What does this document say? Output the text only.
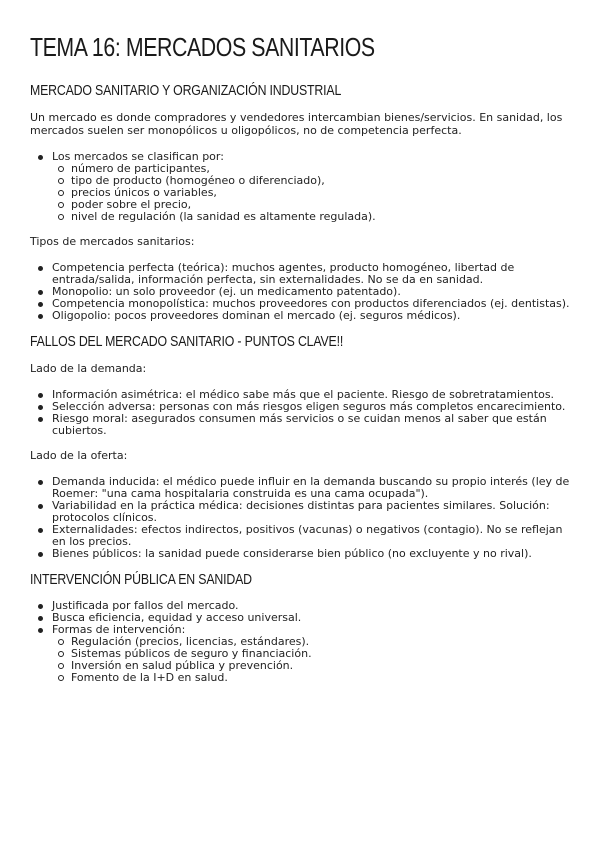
TEMA 16: MERCADOS SANITARIOS
MERCADO SANITARIO Y ORGANIZACIÓN INDUSTRIAL

Un mercado es donde compradores y vendedores intercambian bienes/servicios. En sanidad, los mercados suelen ser monopólicos u oligopólicos, no de competencia perfecta.

Los mercados se clasifican por:
número de participantes,
tipo de producto (homogéneo o diferenciado),
precios únicos o variables,
poder sobre el precio,
nivel de regulación (la sanidad es altamente regulada).

Tipos de mercados sanitarios:

Competencia perfecta (teórica): muchos agentes, producto homogéneo, libertad de entrada/salida, información perfecta, sin externalidades. No se da en sanidad.
Monopolio: un solo proveedor (ej. un medicamento patentado).
Competencia monopolística: muchos proveedores con productos diferenciados (ej. dentistas).
Oligopolio: pocos proveedores dominan el mercado (ej. seguros médicos).
FALLOS DEL MERCADO SANITARIO - PUNTOS CLAVE!!

Lado de la demanda:

Información asimétrica: el médico sabe más que el paciente. Riesgo de sobretratamientos.
Selección adversa: personas con más riesgos eligen seguros más completos encarecimiento.
Riesgo moral: asegurados consumen más servicios o se cuidan menos al saber que están cubiertos.

Lado de la oferta:

Demanda inducida: el médico puede influir en la demanda buscando su propio interés (ley de Roemer: "una cama hospitalaria construida es una cama ocupada").
Variabilidad en la práctica médica: decisiones distintas para pacientes similares. Solución: protocolos clínicos.
Externalidades: efectos indirectos, positivos (vacunas) o negativos (contagio). No se reflejan en los precios.
Bienes públicos: la sanidad puede considerarse bien público (no excluyente y no rival).
INTERVENCIÓN PÚBLICA EN SANIDAD
Justificada por fallos del mercado.
Busca eficiencia, equidad y acceso universal.
Formas de intervención:
Regulación (precios, licencias, estándares).
Sistemas públicos de seguro y financiación.
Inversión en salud pública y prevención.
Fomento de la I+D en salud.
